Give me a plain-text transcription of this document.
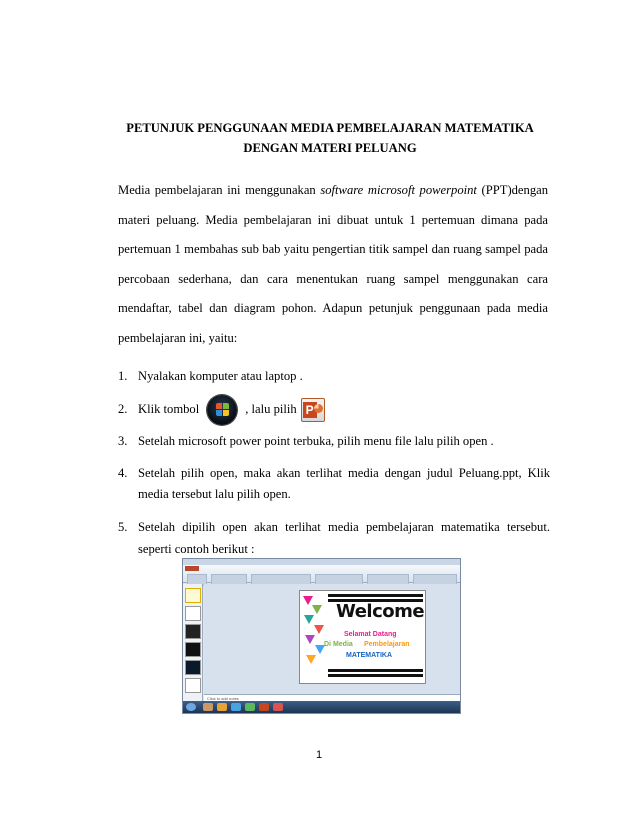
PETUNJUK PENGGUNAAN MEDIA PEMBELAJARAN MATEMATIKA
DENGAN MATERI PELUANG
Media pembelajaran ini menggunakan software microsoft powerpoint (PPT)dengan
materi peluang. Media pembelajaran ini dibuat untuk 1 pertemuan dimana pada
pertemuan 1 membahas sub bab yaitu pengertian titik sampel dan ruang sampel pada
percobaan sederhana, dan cara menentukan ruang sampel menggunakan cara
mendaftar, tabel dan diagram pohon. Adapun petunjuk penggunaan pada media
pembelajaran ini, yaitu:
1. Nyalakan komputer atau laptop .
2. Klik tombol	, lalu pilih P
3. Setelah microsoft power point terbuka, pilih menu file lalu pilih open .
4. Setelah pilih open, maka akan terlihat media dengan judul Peluang.ppt, Klik
media tersebut lalu pilih open.
5. Setelah dipilih open akan terlihat media pembelajaran matematika tersebut.
seperti contoh berikut :
Welcome
Selamat Datang
Di Media Pembelajaran
MATEMATIKA
Click to add notes
1
